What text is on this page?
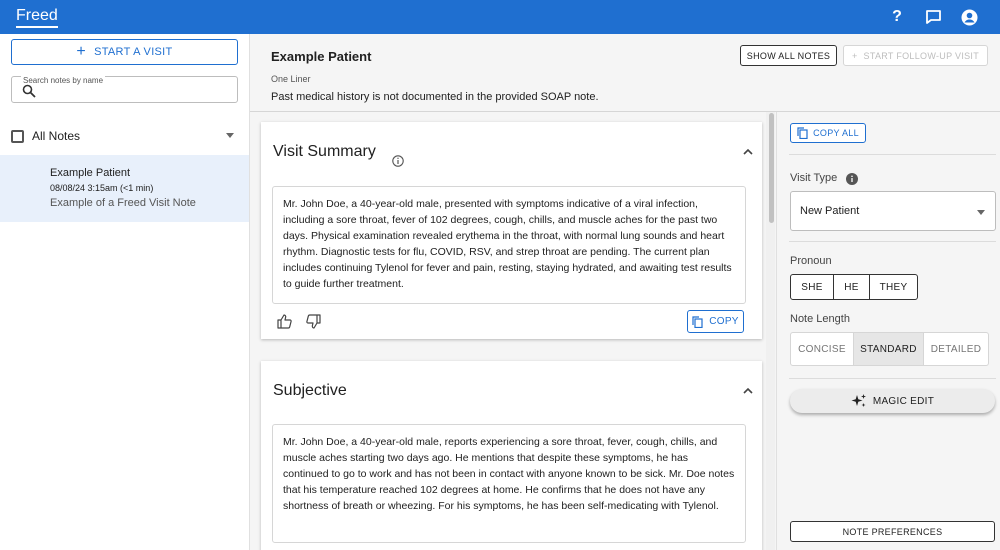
Freed	?
+ START A VISIT
Search notes by name
All Notes
Example Patient
08/08/24 3:15am (<1 min)
Example of a Freed Visit Note
Example Patient
One Liner
Past medical history is not documented in the provided SOAP note.
SHOW ALL NOTES	+ START FOLLOW-UP VISIT
Visit Summary
Mr. John Doe, a 40-year-old male, presented with symptoms indicative of a viral infection, including a sore throat, fever of 102 degrees, cough, chills, and muscle aches for the past two days. Physical examination revealed erythema in the throat, with normal lung sounds and heart rhythm. Diagnostic tests for flu, COVID, RSV, and strep throat are pending. The current plan includes continuing Tylenol for fever and pain, resting, staying hydrated, and awaiting test results to guide further treatment.
COPY
Subjective
Mr. John Doe, a 40-year-old male, reports experiencing a sore throat, fever, cough, chills, and muscle aches starting two days ago. He mentions that despite these symptoms, he has continued to go to work and has not been in contact with anyone known to be sick. Mr. Doe notes that his temperature reached 102 degrees at home. He confirms that he does not have any shortness of breath or wheezing. For his symptoms, he has been self-medicating with Tylenol.
COPY ALL
Visit Type
New Patient
Pronoun
SHE	HE	THEY
Note Length
CONCISE	STANDARD	DETAILED
MAGIC EDIT
NOTE PREFERENCES
